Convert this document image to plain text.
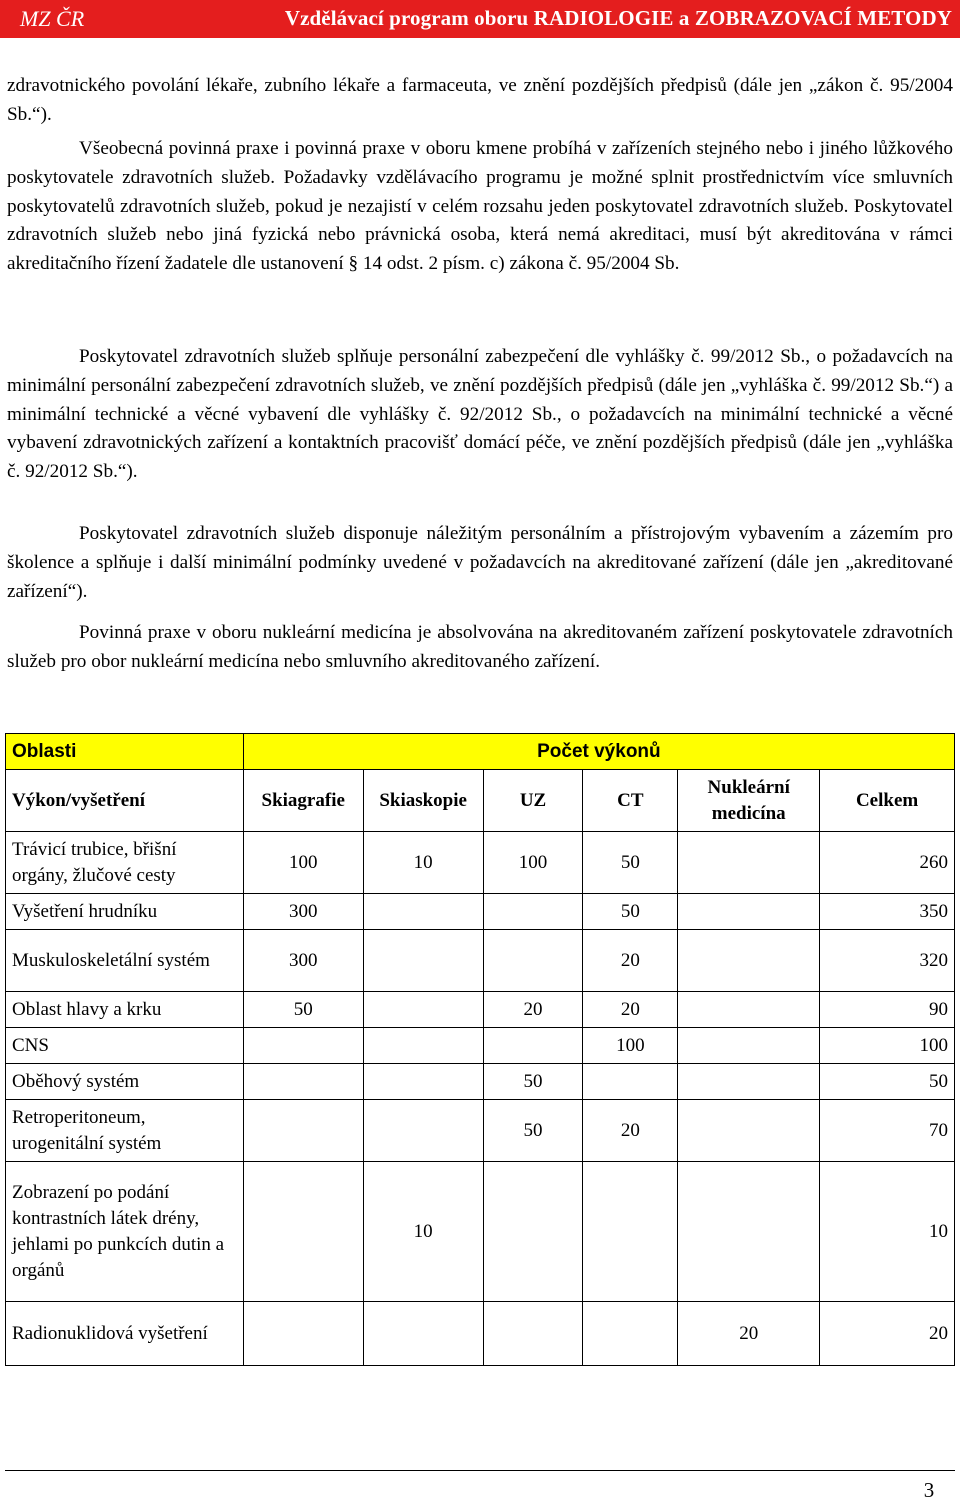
MZ ČR	Vzdělávací program oboru RADIOLOGIE a ZOBRAZOVACÍ METODY

zdravotnického povolání lékaře, zubního lékaře a farmaceuta, ve znění pozdějších předpisů (dále jen „zákon č. 95/2004 Sb.“).

Všeobecná povinná praxe i povinná praxe v oboru kmene probíhá v zařízeních stejného nebo i jiného lůžkového poskytovatele zdravotních služeb. Požadavky vzdělávacího programu je možné splnit prostřednictvím více smluvních poskytovatelů zdravotních služeb, pokud je nezajistí v celém rozsahu jeden poskytovatel zdravotních služeb. Poskytovatel zdravotních služeb nebo jiná fyzická nebo právnická osoba, která nemá akreditaci, musí být akreditována v rámci akreditačního řízení žadatele dle ustanovení § 14 odst. 2 písm. c) zákona č. 95/2004 Sb.

Poskytovatel zdravotních služeb splňuje personální zabezpečení dle vyhlášky č. 99/2012 Sb., o požadavcích na minimální personální zabezpečení zdravotních služeb, ve znění pozdějších předpisů (dále jen „vyhláška č. 99/2012 Sb.“) a minimální technické a věcné vybavení dle vyhlášky č. 92/2012 Sb., o požadavcích na minimální technické a věcné vybavení zdravotnických zařízení a kontaktních pracovišť domácí péče, ve znění pozdějších předpisů (dále jen „vyhláška č. 92/2012 Sb.“).

Poskytovatel zdravotních služeb disponuje náležitým personálním a přístrojovým vybavením a zázemím pro školence a splňuje i další minimální podmínky uvedené v požadavcích na akreditované zařízení (dále jen „akreditované zařízení“).

Povinná praxe v oboru nukleární medicína je absolvována na akreditovaném zařízení poskytovatele zdravotních služeb pro obor nukleární medicína nebo smluvního akreditovaného zařízení.

Oblasti	Počet výkonů					
Výkon/vyšetření	Skiagrafie	Skiaskopie	UZ	CT	Nukleární medicína	Celkem
Trávicí trubice, břišní orgány, žlučové cesty	100	10	100	50		260
Vyšetření hrudníku	300			50		350
Muskuloskeletální systém	300			20		320
Oblast hlavy a krku	50		20	20		90
CNS				100		100
Oběhový systém			50			50
Retroperitoneum, urogenitální systém			50	20		70
Zobrazení po podání kontrastních látek drény, jehlami po punkcích dutin a orgánů		10				10
Radionuklidová vyšetření					20	20
3
